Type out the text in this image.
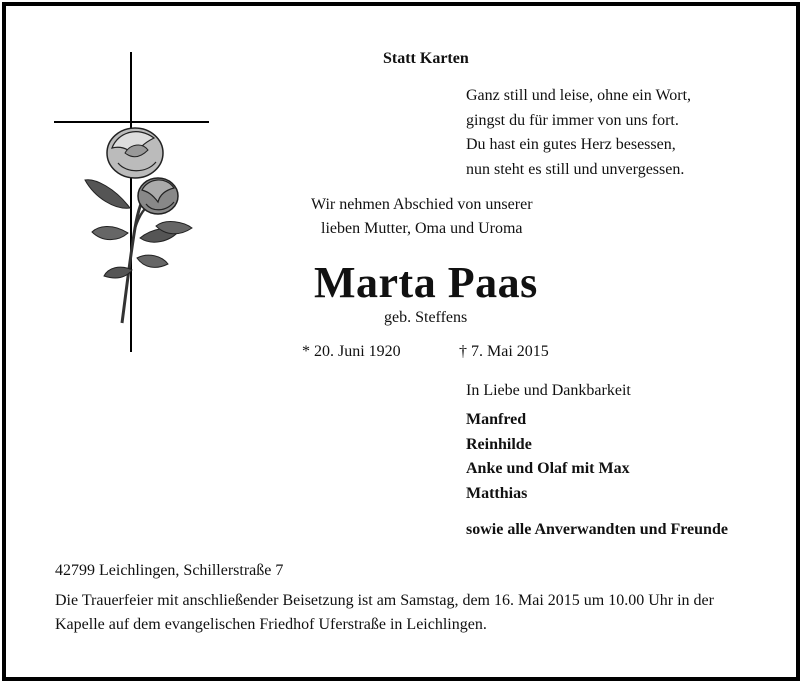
Statt Karten
Ganz still und leise, ohne ein Wort,
gingst du für immer von uns fort.
Du hast ein gutes Herz besessen,
nun steht es still und unvergessen.
Wir nehmen Abschied von unserer
lieben Mutter, Oma und Uroma
Marta Paas
geb. Steffens
* 20. Juni 1920	† 7. Mai 2015
In Liebe und Dankbarkeit
Manfred
Reinhilde
Anke und Olaf mit Max
Matthias
sowie alle Anverwandten und Freunde
42799 Leichlingen, Schillerstraße 7
Die Trauerfeier mit anschließender Beisetzung ist am Samstag, dem 16. Mai 2015 um 10.00 Uhr in der
Kapelle auf dem evangelischen Friedhof Uferstraße in Leichlingen.
